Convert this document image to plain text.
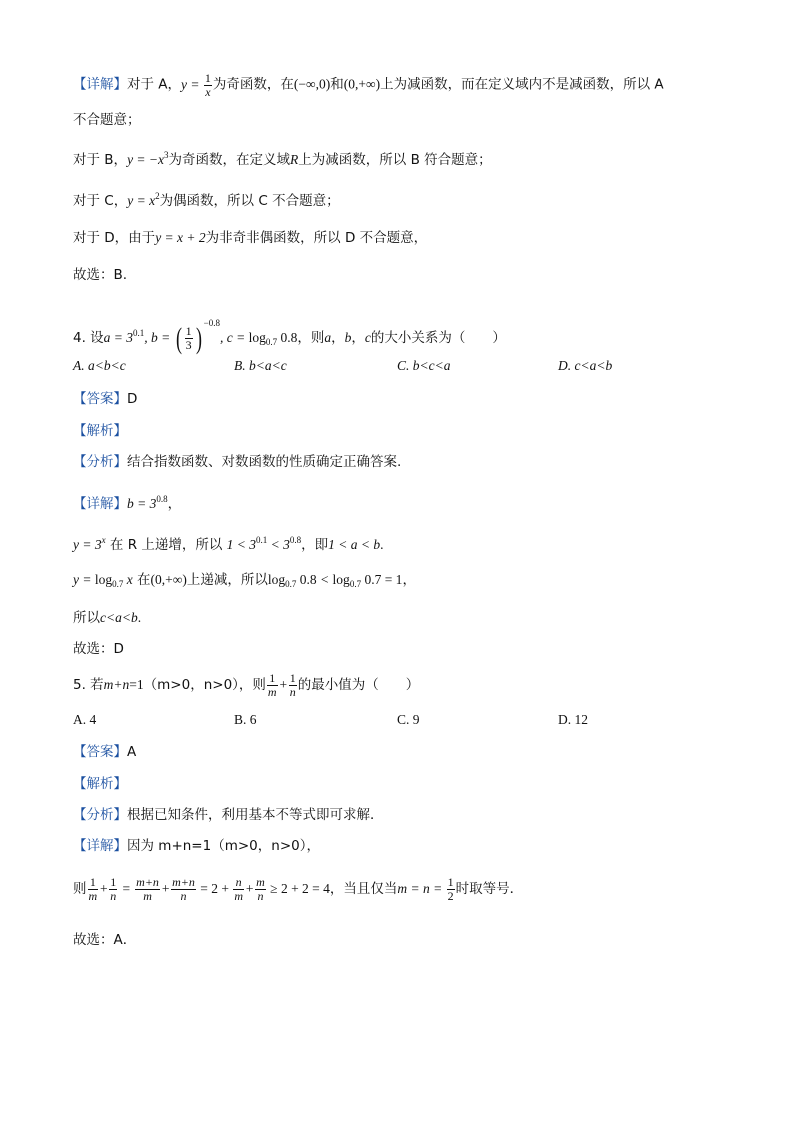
【详解】对于 A，$y = \frac{1}{x}$ 为奇函数，在(−∞,0)和(0,+∞)上为减函数，而在定义域内不是减函数，所以 A
不合题意；
对于 B，$y = -x^3$为奇函数，在定义域R上为减函数，所以 B 符合题意；
对于 C，$y = x^2$为偶函数，所以 C 不合题意；
对于 D，由于y = x + 2为非奇非偶函数，所以 D 不合题意，
故选：B.
4. 设$a = 3^{0.1}$, b = ( $\frac{1}{3}$ ) $^{-0.8}$, $c = \log_{0.7} 0.8$，则a，b，c的大小关系为（　　）
A. a<b<c	B. b<a<c	C. b<c<a	D. c<a<b
【答案】D
【解析】
【分析】结合指数函数、对数函数的性质确定正确答案.
【详解】$b = 3^{0.8}$，
$y = 3^x$ 在 R 上递增，所以 $1 < 3^{0.1} < 3^{0.8}$，即1 < a < b.
$y = \log_{0.7} x$ 在(0,+∞)上递减，所以$\log_{0.7} 0.8 < \log_{0.7} 0.7 = 1$，
所以c<a<b.
故选：D
5. 若m+n=1（m>0，n>0），则 $\frac{1}{m} + \frac{1}{n}$ 的最小值为（　　）
A. 4	B. 6	C. 9	D. 12
【答案】A
【解析】
【分析】根据已知条件，利用基本不等式即可求解．
【详解】因为 m+n=1（m>0，n>0），
则 $\frac{1}{m} + \frac{1}{n} = \frac{m+n}{m} + \frac{m+n}{n} = 2 + \frac{n}{m} + \frac{m}{n} \ge 2 + 2 = 4$，当且仅当$m = n = \frac{1}{2}$ 时取等号．
故选：A．
